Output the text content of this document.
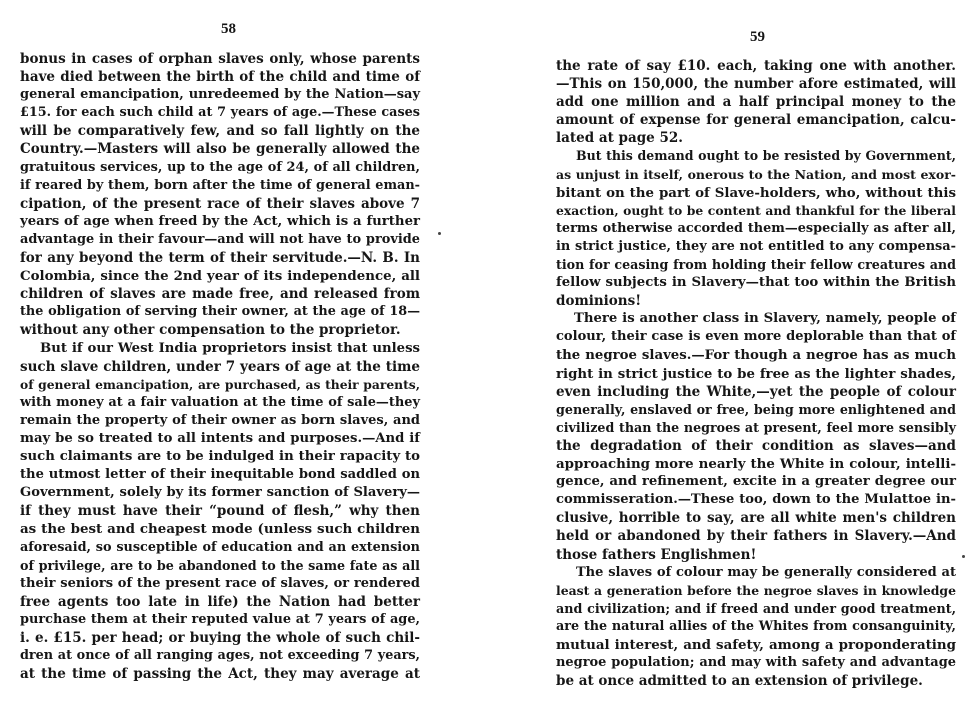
58
bonus in cases of orphan slaves only, whose parents
have died between the birth of the child and time of
general emancipation, unredeemed by the Nation—say
£15. for each such child at 7 years of age.—These cases
will be comparatively few, and so fall lightly on the
Country.—Masters will also be generally allowed the
gratuitous services, up to the age of 24, of all children,
if reared by them, born after the time of general eman-
cipation, of the present race of their slaves above 7
years of age when freed by the Act, which is a further
advantage in their favour—and will not have to provide
for any beyond the term of their servitude.—N. B. In
Colombia, since the 2nd year of its independence, all
children of slaves are made free, and released from
the obligation of serving their owner, at the age of 18—
without any other compensation to the proprietor.
But if our West India proprietors insist that unless
such slave children, under 7 years of age at the time
of general emancipation, are purchased, as their parents,
with money at a fair valuation at the time of sale—they
remain the property of their owner as born slaves, and
may be so treated to all intents and purposes.—And if
such claimants are to be indulged in their rapacity to
the utmost letter of their inequitable bond saddled on
Government, solely by its former sanction of Slavery—
if they must have their “pound of flesh,” why then
as the best and cheapest mode (unless such children
aforesaid, so susceptible of education and an extension
of privilege, are to be abandoned to the same fate as all
their seniors of the present race of slaves, or rendered
free agents too late in life) the Nation had better
purchase them at their reputed value at 7 years of age,
i. e. £15. per head; or buying the whole of such chil-
dren at once of all ranging ages, not exceeding 7 years,
at the time of passing the Act, they may average at
59
the rate of say £10. each, taking one with another.
—This on 150,000, the number afore estimated, will
add one million and a half principal money to the
amount of expense for general emancipation, calcu-
lated at page 52.
But this demand ought to be resisted by Government,
as unjust in itself, onerous to the Nation, and most exor-
bitant on the part of Slave-holders, who, without this
exaction, ought to be content and thankful for the liberal
terms otherwise accorded them—especially as after all,
in strict justice, they are not entitled to any compensa-
tion for ceasing from holding their fellow creatures and
fellow subjects in Slavery—that too within the British
dominions!
There is another class in Slavery, namely, people of
colour, their case is even more deplorable than that of
the negroe slaves.—For though a negroe has as much
right in strict justice to be free as the lighter shades,
even including the White,—yet the people of colour
generally, enslaved or free, being more enlightened and
civilized than the negroes at present, feel more sensibly
the degradation of their condition as slaves—and
approaching more nearly the White in colour, intelli-
gence, and refinement, excite in a greater degree our
commisseration.—These too, down to the Mulattoe in-
clusive, horrible to say, are all white men's children
held or abandoned by their fathers in Slavery.—And
those fathers Englishmen!
The slaves of colour may be generally considered at
least a generation before the negroe slaves in knowledge
and civilization; and if freed and under good treatment,
are the natural allies of the Whites from consanguinity,
mutual interest, and safety, among a proponderating
negroe population; and may with safety and advantage
be at once admitted to an extension of privilege.
